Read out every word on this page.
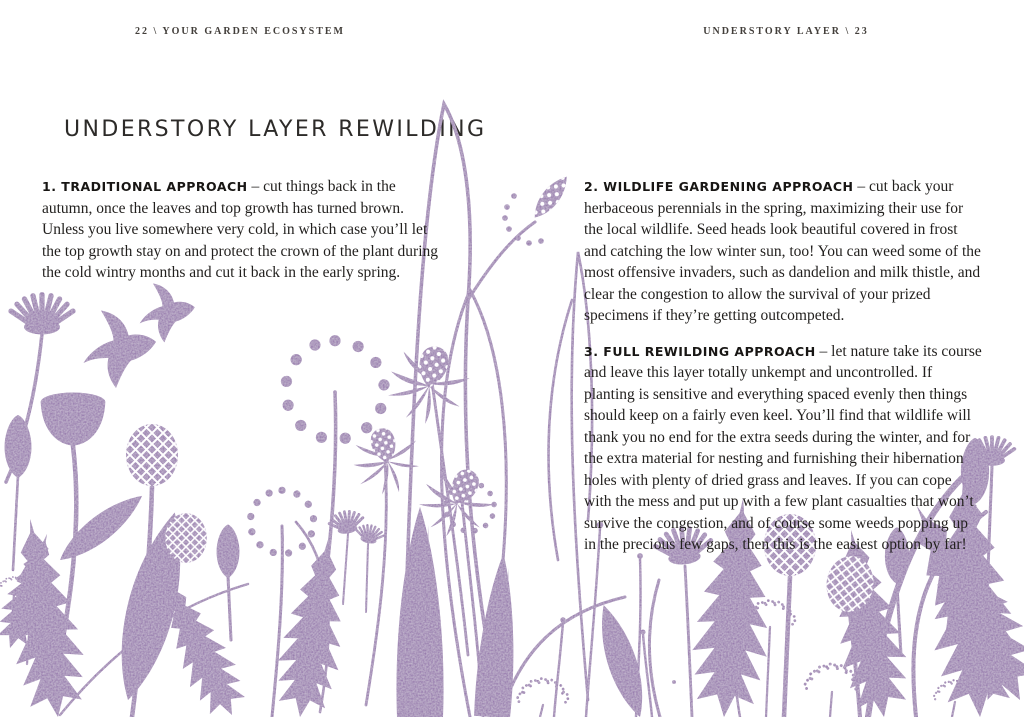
22 \ YOUR GARDEN ECOSYSTEM	UNDERSTORY LAYER \ 23
UNDERSTORY LAYER REWILDING

1. TRADITIONAL APPROACH – cut things back in the autumn, once the leaves and top growth has turned brown. Unless you live somewhere very cold, in which case you’ll let the top growth stay on and protect the crown of the plant during the cold wintry months and cut it back in the early spring.

2. WILDLIFE GARDENING APPROACH – cut back your herbaceous perennials in the spring, maximizing their use for the local wildlife. Seed heads look beautiful covered in frost and catching the low winter sun, too! You can weed some of the most offensive invaders, such as dandelion and milk thistle, and clear the congestion to allow the survival of your prized specimens if they’re getting outcompeted.

3. FULL REWILDING APPROACH – let nature take its course and leave this layer totally unkempt and uncontrolled. If planting is sensitive and everything spaced evenly then things should keep on a fairly even keel. You’ll find that wildlife will thank you no end for the extra seeds during the winter, and for the extra material for nesting and furnishing their hibernation holes with plenty of dried grass and leaves. If you can cope with the mess and put up with a few plant casualties that won’t survive the congestion, and of course some weeds popping up in the precious few gaps, then this is the easiest option by far!
